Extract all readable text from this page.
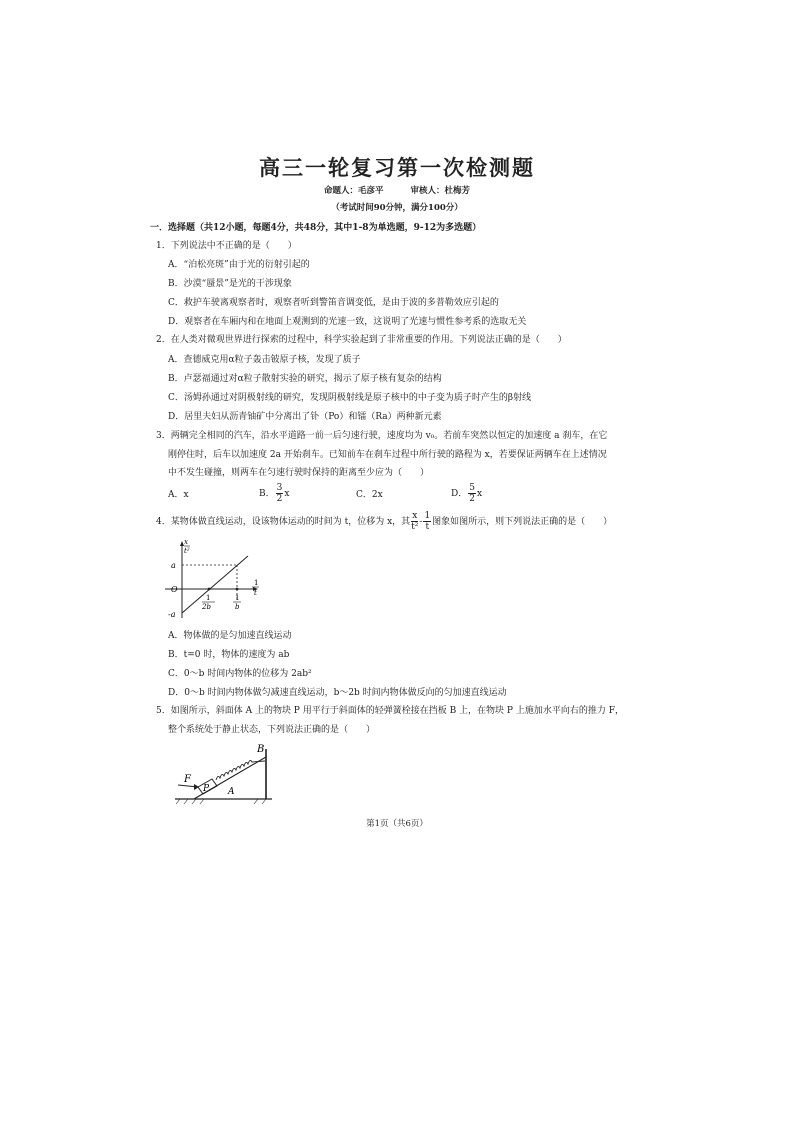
高三一轮复习第一次检测题
命题人：毛彦平	审核人：杜梅芳
（考试时间90分钟，满分100分）
一．选择题（共12小题，每题4分，共48分，其中1-8为单选题，9-12为多选题）
1．下列说法中不正确的是（　　）
A．“泊松亮斑”由于光的衍射引起的
B．沙漠“蜃景”是光的干涉现象
C．救护车驶离观察者时，观察者听到警笛音调变低，是由于波的多普勒效应引起的
D．观察者在车厢内和在地面上观测到的光速一致，这说明了光速与惯性参考系的选取无关
2．在人类对微观世界进行探索的过程中，科学实验起到了非常重要的作用。下列说法正确的是（　　）
A．查德威克用α粒子轰击铍原子核，发现了质子
B．卢瑟福通过对α粒子散射实验的研究，揭示了原子核有复杂的结构
C．汤姆孙通过对阴极射线的研究，发现阴极射线是原子核中的中子变为质子时产生的β射线
D．居里夫妇从沥青铀矿中分离出了钋（Po）和镭（Ra）两种新元素
3．两辆完全相同的汽车，沿水平道路一前一后匀速行驶，速度均为 v₀。若前车突然以恒定的加速度 a 刹车，在它
刚停住时，后车以加速度 2a 开始刹车。已知前车在刹车过程中所行驶的路程为 x，若要保证两辆车在上述情况
中不发生碰撞，则两车在匀速行驶时保持的距离至少应为（　　）
A．x	B． $\frac{3}{2}$ x	C．2x	D． $\frac{5}{2}$ x
4．某物体做直线运动，设该物体运动的时间为 t，位移为 x，其 $\frac{x}{\text{t²}} - \frac{1}{t}$ 图象如图所示，则下列说法正确的是（　　）
x
t²
a
O
-a
1
2b
1
b
1
t
A．物体做的是匀加速直线运动
B．t=0 时，物体的速度为 ab
C．0～b 时间内物体的位移为 2ab²
D．0～b 时间内物体做匀减速直线运动，b～2b 时间内物体做反向的匀加速直线运动
5．如图所示，斜面体 A 上的物块 P 用平行于斜面体的轻弹簧栓接在挡板 B 上，在物块 P 上施加水平向右的推力 F，
整个系统处于静止状态，下列说法正确的是（　　）
F
P A
B
第1页（共6页）
